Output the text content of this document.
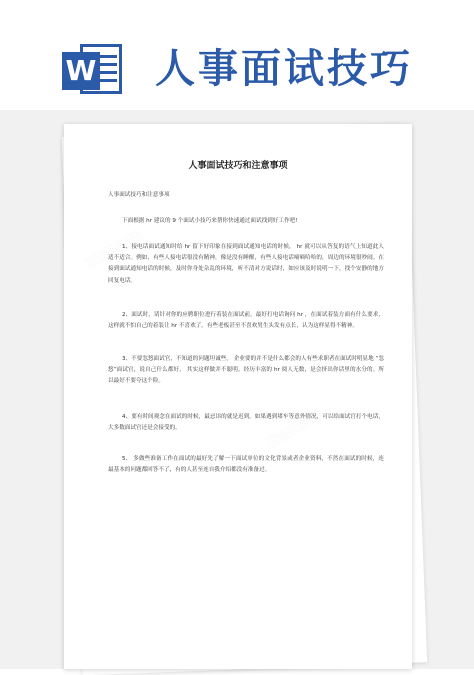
W 人事面试技巧
░░░░░░░░
░░░░░░░░
人事面试技巧和注意事项

人事面试技巧和注意事项

下面根据 hr 建议的 9 个面试小技巧来帮你快速通过面试找到好工作吧!

1、接电话面试通知时给 hr 留下好印象在接到面试通知电话的时候， hr 就可以从答复的语气上知道此人适不适合。例如，有些人接电话很没有精神，像是没有睡醒，有些人接电话嘀嘀哈哈的，周边的环境很吵闹。在接到面试通知电话的时候，及时你身处杂乱的环境，听不清对方说话时，如应该及时说明一下，找个安静的地方回复电话。

2、面试时，请针对你的应聘职位进行着装在面试前，最好打电话询问 hr ，在面试着装方面有什么要求，这样就不怕自己的着装让 hr 不喜欢了。有些老板甚至不喜欢男生头发有点长，认为这样显得不精神。

3、不要忽悠面试官，不知道的问题坦诚些。 企业要的并不是什么都会的人有些求职者在面试时明显地 “忽悠”面试官，说自己什么都好， 其实这样做并不聪明。经历丰富的 hr 阅人无数，是会挤出你话里的水分的。所以最好不要夸这个险。

4、要有时间观念在面试的时候，最忌讳的就是迟到。如果遇到堵车等意外情况，可以给面试官打个电话，大多数面试官还是会接受的。

5、 多做些准备工作在面试的最好先了解一下面试单位的文化背景或者企业资料，不然在面试的时候，连最基本的问题都回答不了，有的人甚至连自我介绍都没有准备过。
